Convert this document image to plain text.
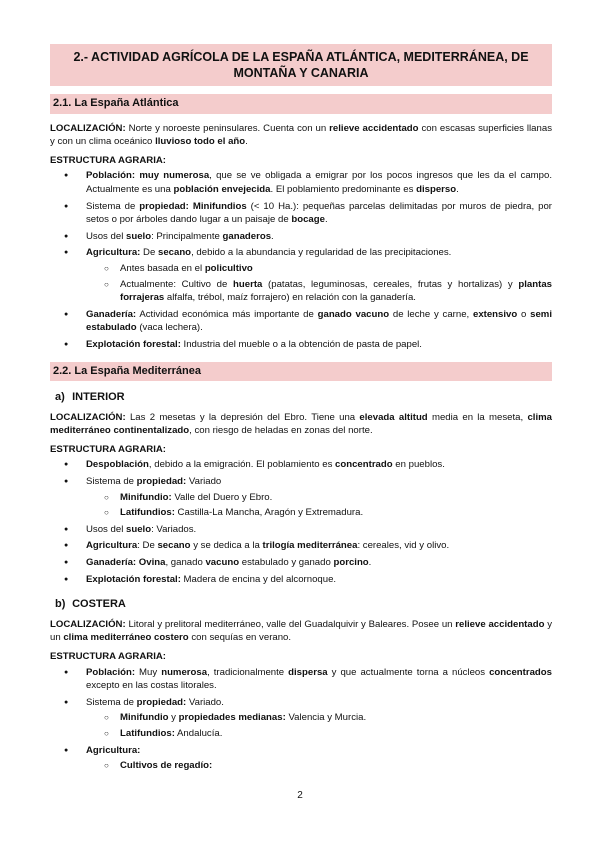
2.- ACTIVIDAD AGRÍCOLA DE LA ESPAÑA ATLÁNTICA, MEDITERRÁNEA, DE
MONTAÑA Y CANARIA
2.1. La España Atlántica

LOCALIZACIÓN: Norte y noroeste peninsulares. Cuenta con un relieve accidentado con escasas superficies llanas y con un clima oceánico lluvioso todo el año.

ESTRUCTURA AGRARIA:
● Población: muy numerosa, que se ve obligada a emigrar por los pocos ingresos que les da el campo. Actualmente es una población envejecida. El poblamiento predominante es disperso.
● Sistema de propiedad: Minifundios (< 10 Ha.): pequeñas parcelas delimitadas por muros de piedra, por setos o por árboles dando lugar a un paisaje de bocage.
● Usos del suelo: Principalmente ganaderos.
● Agricultura: De secano, debido a la abundancia y regularidad de las precipitaciones.
○ Antes basada en el policultivo
○ Actualmente: Cultivo de huerta (patatas, leguminosas, cereales, frutas y hortalizas) y plantas forrajeras alfalfa, trébol, maíz forrajero) en relación con la ganadería.
● Ganadería: Actividad económica más importante de ganado vacuno de leche y carne, extensivo o semi estabulado (vaca lechera).
● Explotación forestal: Industria del mueble o a la obtención de pasta de papel.
2.2. La España Mediterránea
a) INTERIOR

LOCALIZACIÓN: Las 2 mesetas y la depresión del Ebro. Tiene una elevada altitud media en la meseta, clima mediterráneo continentalizado, con riesgo de heladas en zonas del norte.

ESTRUCTURA AGRARIA:
● Despoblación, debido a la emigración. El poblamiento es concentrado en pueblos.
● Sistema de propiedad: Variado
○ Minifundio: Valle del Duero y Ebro.
○ Latifundios: Castilla-La Mancha, Aragón y Extremadura.
● Usos del suelo: Variados.
● Agricultura: De secano y se dedica a la trilogía mediterránea: cereales, vid y olivo.
● Ganadería: Ovina, ganado vacuno estabulado y ganado porcino.
● Explotación forestal: Madera de encina y del alcornoque.
b) COSTERA

LOCALIZACIÓN: Litoral y prelitoral mediterráneo, valle del Guadalquivir y Baleares. Posee un relieve accidentado y un clima mediterráneo costero con sequías en verano.

ESTRUCTURA AGRARIA:
● Población: Muy numerosa, tradicionalmente dispersa y que actualmente torna a núcleos concentrados excepto en las costas litorales.
● Sistema de propiedad: Variado.
○ Minifundio y propiedades medianas: Valencia y Murcia.
○ Latifundios: Andalucía.
● Agricultura:
○ Cultivos de regadío:
2
